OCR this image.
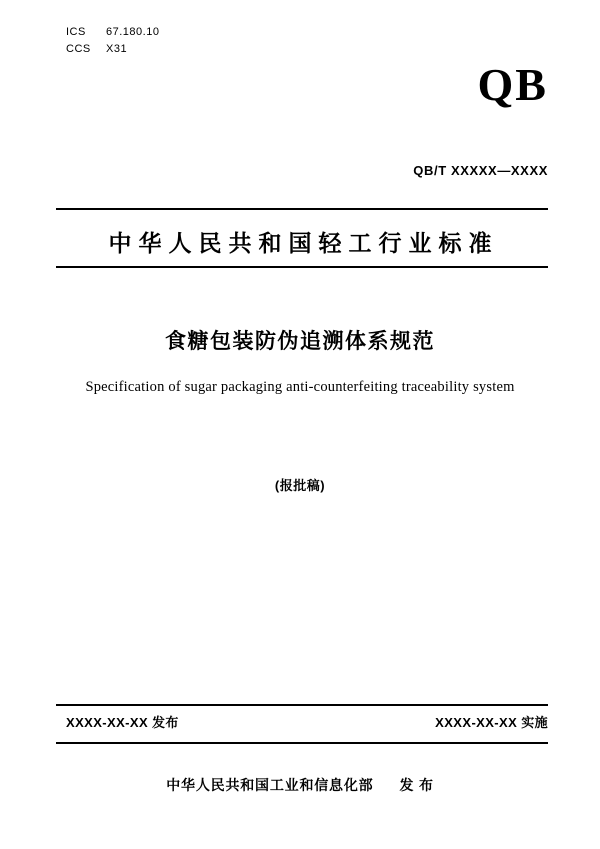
ICS	67.180.10
CCS	X31
QB
QB/T XXXXX—XXXX
中华人民共和国轻工行业标准
食糖包装防伪追溯体系规范
Specification of sugar packaging anti-counterfeiting traceability system
(报批稿)
XXXX-XX-XX 发布	XXXX-XX-XX 实施
中华人民共和国工业和信息化部 发 布
